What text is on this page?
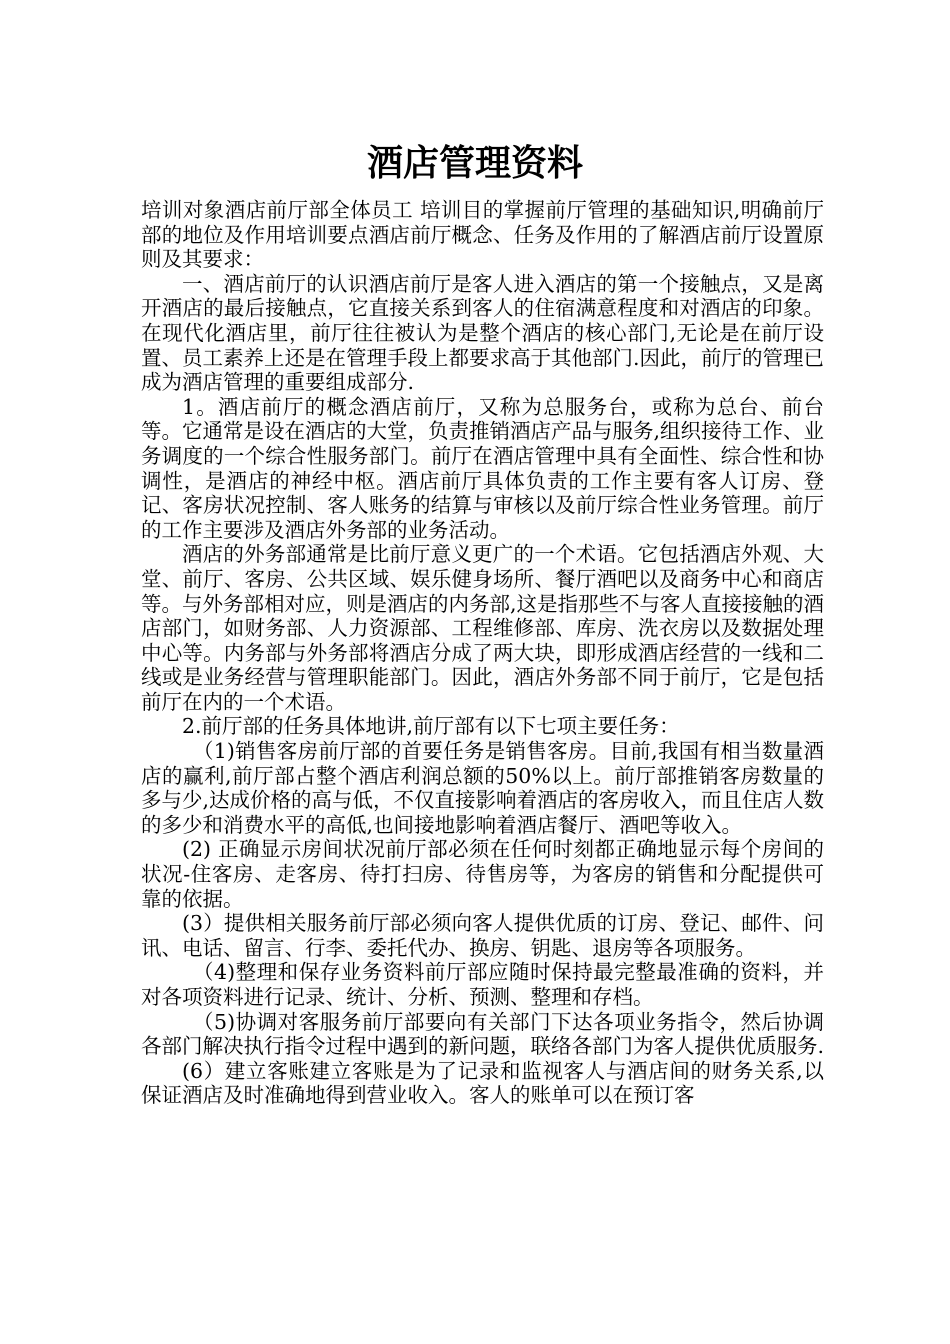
酒店管理资料

培训对象酒店前厅部全体员工 培训目的掌握前厅管理的基础知识,明确前厅部的地位及作用培训要点酒店前厅概念、任务及作用的了解酒店前厅设置原则及其要求：

一、酒店前厅的认识酒店前厅是客人进入酒店的第一个接触点，又是离开酒店的最后接触点，它直接关系到客人的住宿满意程度和对酒店的印象。在现代化酒店里，前厅往往被认为是整个酒店的核心部门,无论是在前厅设置、员工素养上还是在管理手段上都要求高于其他部门.因此，前厅的管理已成为酒店管理的重要组成部分.

1。酒店前厅的概念酒店前厅，又称为总服务台，或称为总台、前台等。它通常是设在酒店的大堂，负责推销酒店产品与服务,组织接待工作、业务调度的一个综合性服务部门。前厅在酒店管理中具有全面性、综合性和协调性，是酒店的神经中枢。酒店前厅具体负责的工作主要有客人订房、登记、客房状况控制、客人账务的结算与审核以及前厅综合性业务管理。前厅的工作主要涉及酒店外务部的业务活动。

酒店的外务部通常是比前厅意义更广的一个术语。它包括酒店外观、大堂、前厅、客房、公共区域、娱乐健身场所、餐厅酒吧以及商务中心和商店等。与外务部相对应，则是酒店的内务部,这是指那些不与客人直接接触的酒店部门，如财务部、人力资源部、工程维修部、库房、洗衣房以及数据处理中心等。内务部与外务部将酒店分成了两大块，即形成酒店经营的一线和二线或是业务经营与管理职能部门。因此，酒店外务部不同于前厅，它是包括前厅在内的一个术语。

2.前厅部的任务具体地讲,前厅部有以下七项主要任务：

（1)销售客房前厅部的首要任务是销售客房。目前,我国有相当数量酒店的赢利,前厅部占整个酒店利润总额的50%以上。前厅部推销客房数量的多与少,达成价格的高与低，不仅直接影响着酒店的客房收入，而且住店人数的多少和消费水平的高低,也间接地影响着酒店餐厅、酒吧等收入。

(2) 正确显示房间状况前厅部必须在任何时刻都正确地显示每个房间的状况-住客房、走客房、待打扫房、待售房等，为客房的销售和分配提供可靠的依据。

(3）提供相关服务前厅部必须向客人提供优质的订房、登记、邮件、问讯、电话、留言、行李、委托代办、换房、钥匙、退房等各项服务。

（4)整理和保存业务资料前厅部应随时保持最完整最准确的资料，并对各项资料进行记录、统计、分析、预测、整理和存档。

（5)协调对客服务前厅部要向有关部门下达各项业务指令，然后协调各部门解决执行指令过程中遇到的新问题，联络各部门为客人提供优质服务.

(6）建立客账建立客账是为了记录和监视客人与酒店间的财务关系,以保证酒店及时准确地得到营业收入。客人的账单可以在预订客
